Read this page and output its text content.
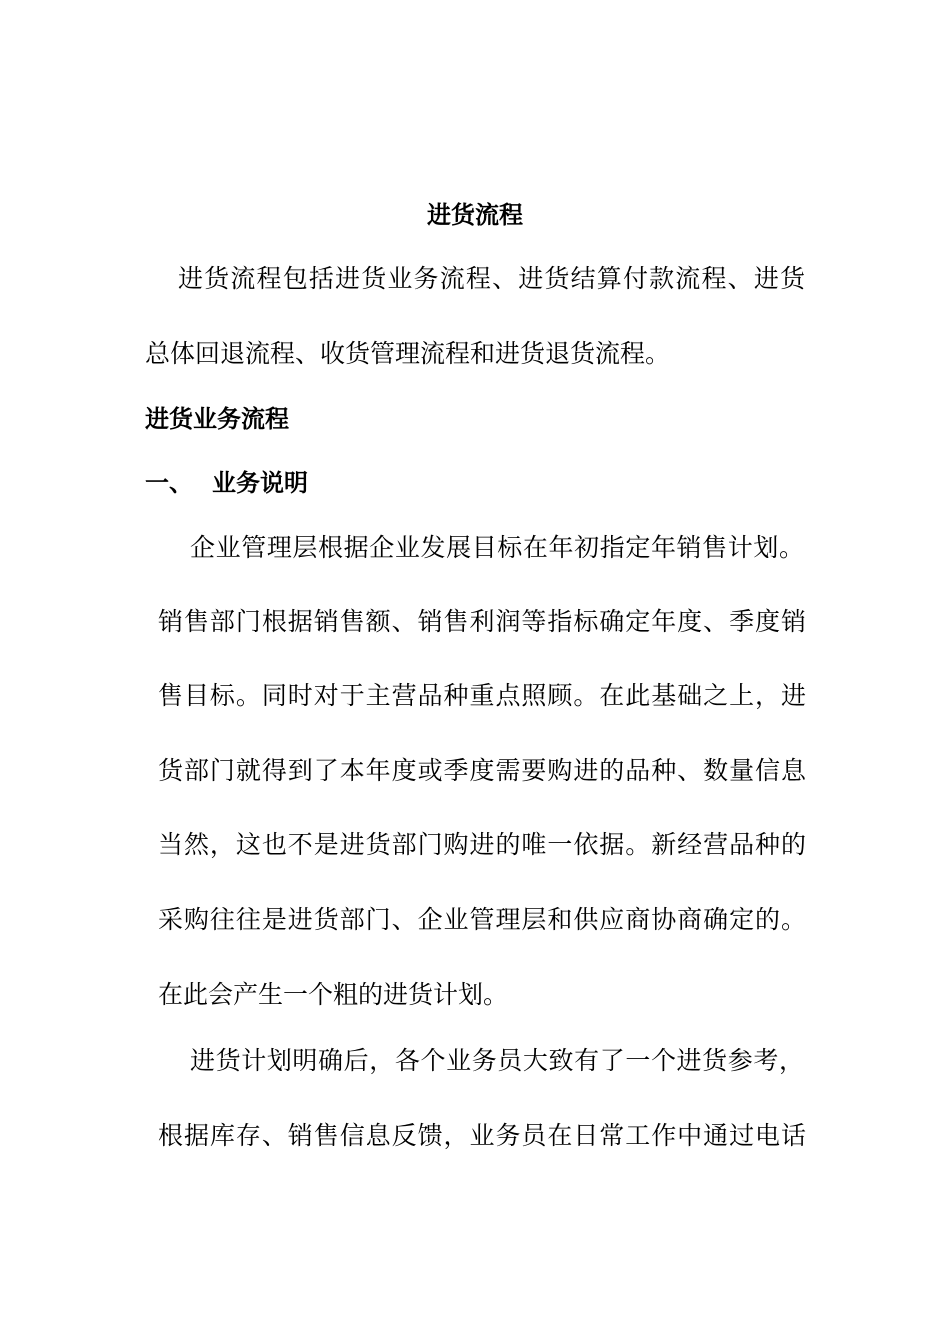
进货流程

进货流程包括进货业务流程、进货结算付款流程、进货

总体回退流程、收货管理流程和进货退货流程。

进货业务流程
一、 业务说明

企业管理层根据企业发展目标在年初指定年销售计划。

销售部门根据销售额、销售利润等指标确定年度、季度销

售目标。同时对于主营品种重点照顾。在此基础之上，进

货部门就得到了本年度或季度需要购进的品种、数量信息

当然，这也不是进货部门购进的唯一依据。新经营品种的

采购往往是进货部门、企业管理层和供应商协商确定的。

在此会产生一个粗的进货计划。

进货计划明确后，各个业务员大致有了一个进货参考，

根据库存、销售信息反馈，业务员在日常工作中通过电话
